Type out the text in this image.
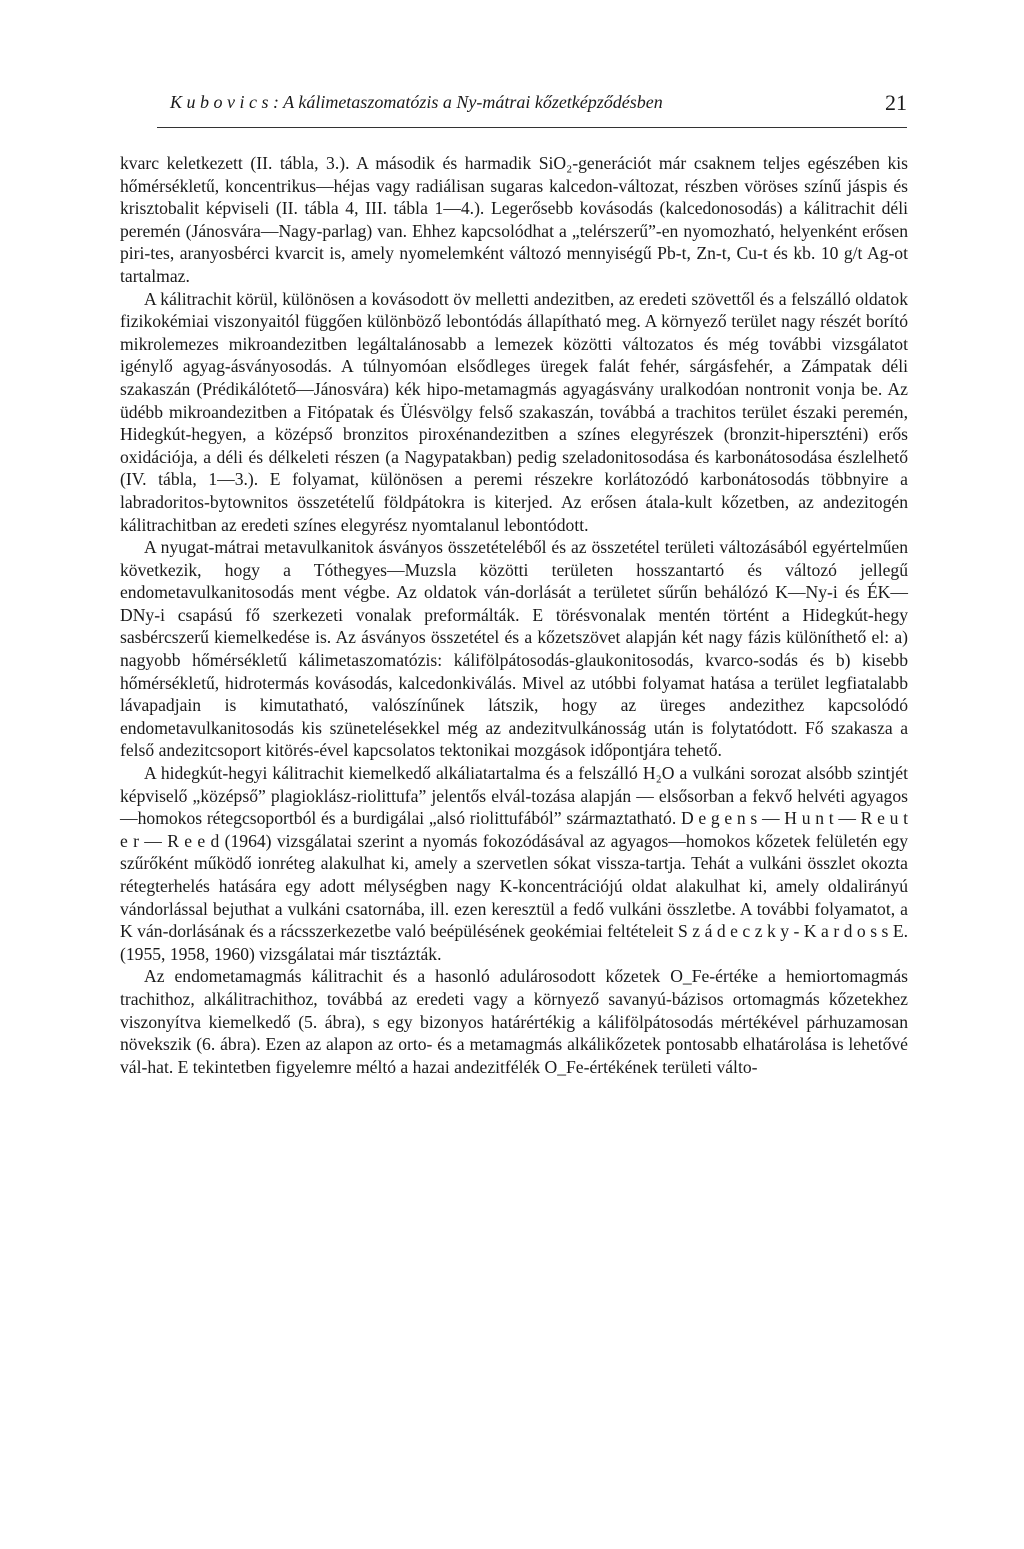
K u b o v i c s : A kálimetaszomatózis a Ny-mátrai kőzetképződésben	21

kvarc keletkezett (II. tábla, 3.). A második és harmadik SiO₂-generációt már csaknem teljes egészében kis hőmérsékletű, koncentrikus—héjas vagy radiálisan sugaras kalcedon-változat, részben vöröses színű jáspis és krisztobalit képviseli (II. tábla 4, III. tábla 1—4.). Legerősebb kovásodás (kalcedonosodás) a kálitrachit déli peremén (Jánosvára—Nagy-parlag) van. Ehhez kapcsolódhat a „telérszerű”-en nyomozható, helyenként erősen piri-tes, aranyosbérci kvarcit is, amely nyomelemként változó mennyiségű Pb-t, Zn-t, Cu-t és kb. 10 g/t Ag-ot tartalmaz.

A kálitrachit körül, különösen a kovásodott öv melletti andezitben, az eredeti szövettől és a felszálló oldatok fizikokémiai viszonyaitól függően különböző lebontódás állapítható meg. A környező terület nagy részét borító mikrolemezes mikroandezitben legáltalánosabb a lemezek közötti változatos és még további vizsgálatot igénylő agyag-ásványosodás. A túlnyomóan elsődleges üregek falát fehér, sárgásfehér, a Zámpatak déli szakaszán (Prédikálótető—Jánosvára) kék hipo-metamagmás agyagásvány uralkodóan nontronit vonja be. Az üdébb mikroandezitben a Fitópatak és Ülésvölgy felső szakaszán, továbbá a trachitos terület északi peremén, Hidegkút-hegyen, a középső bronzitos piroxénandezitben a színes elegyrészek (bronzit-hiperszténi) erős oxidációja, a déli és délkeleti részen (a Nagypatakban) pedig szeladonitosodása és karbonátosodása észlelhető (IV. tábla, 1—3.). E folyamat, különösen a peremi részekre korlátozódó karbonátosodás többnyire a labradoritos-bytownitos összetételű földpátokra is kiterjed. Az erősen átala-kult kőzetben, az andezitogén kálitrachitban az eredeti színes elegyrész nyomtalanul lebontódott.

A nyugat-mátrai metavulkanitok ásványos összetételéből és az összetétel területi változásából egyértelműen következik, hogy a Tóthegyes—Muzsla közötti területen hosszantartó és változó jellegű endometavulkanitosodás ment végbe. Az oldatok ván-dorlását a területet sűrűn behálózó K—Ny-i és ÉK—DNy-i csapású fő szerkezeti vonalak preformálták. E törésvonalak mentén történt a Hidegkút-hegy sasbércszerű kiemelkedése is. Az ásványos összetétel és a kőzetszövet alapján két nagy fázis különíthető el: a) nagyobb hőmérsékletű kálimetaszomatózis: kálifölpátosodás-glaukonitosodás, kvarco-sodás és b) kisebb hőmérsékletű, hidrotermás kovásodás, kalcedonkiválás. Mivel az utóbbi folyamat hatása a terület legfiatalabb lávapadjain is kimutatható, valószínűnek látszik, hogy az üreges andezithez kapcsolódó endometavulkanitosodás kis szünetelésekkel még az andezitvulkánosság után is folytatódott. Fő szakasza a felső andezitcsoport kitörés-ével kapcsolatos tektonikai mozgások időpontjára tehető.

A hidegkút-hegyi kálitrachit kiemelkedő alkáliatartalma és a felszálló H₂O a vulkáni sorozat alsóbb szintjét képviselő „középső” plagioklász-riolittufa” jelentős elvál-tozása alapján — elsősorban a fekvő helvéti agyagos—homokos rétegcsoportból és a burdigálai „alsó riolittufából” származtatható. D e g e n s — H u n t — R e u t e r — R e e d (1964) vizsgálatai szerint a nyomás fokozódásával az agyagos—homokos kőzetek felületén egy szűrőként működő ionréteg alakulhat ki, amely a szervetlen sókat vissza-tartja. Tehát a vulkáni összlet okozta rétegterhelés hatására egy adott mélységben nagy K-koncentrációjú oldat alakulhat ki, amely oldalirányú vándorlással bejuthat a vulkáni csatornába, ill. ezen keresztül a fedő vulkáni összletbe. A további folyamatot, a K ván-dorlásának és a rácsszerkezetbe való beépülésének geokémiai feltételeit S z á d e c z k y - K a r d o s s E. (1955, 1958, 1960) vizsgálatai már tisztázták.

Az endometamagmás kálitrachit és a hasonló adulárosodott kőzetek O_Fe-értéke a hemiortomagmás trachithoz, alkálitrachithoz, továbbá az eredeti vagy a környező savanyú-bázisos ortomagmás kőzetekhez viszonyítva kiemelkedő (5. ábra), s egy bizonyos határértékig a kálifölpátosodás mértékével párhuzamosan növekszik (6. ábra). Ezen az alapon az orto- és a metamagmás alkálikőzetek pontosabb elhatárolása is lehetővé vál-hat. E tekintetben figyelemre méltó a hazai andezitfélék O_Fe-értékének területi válto-
